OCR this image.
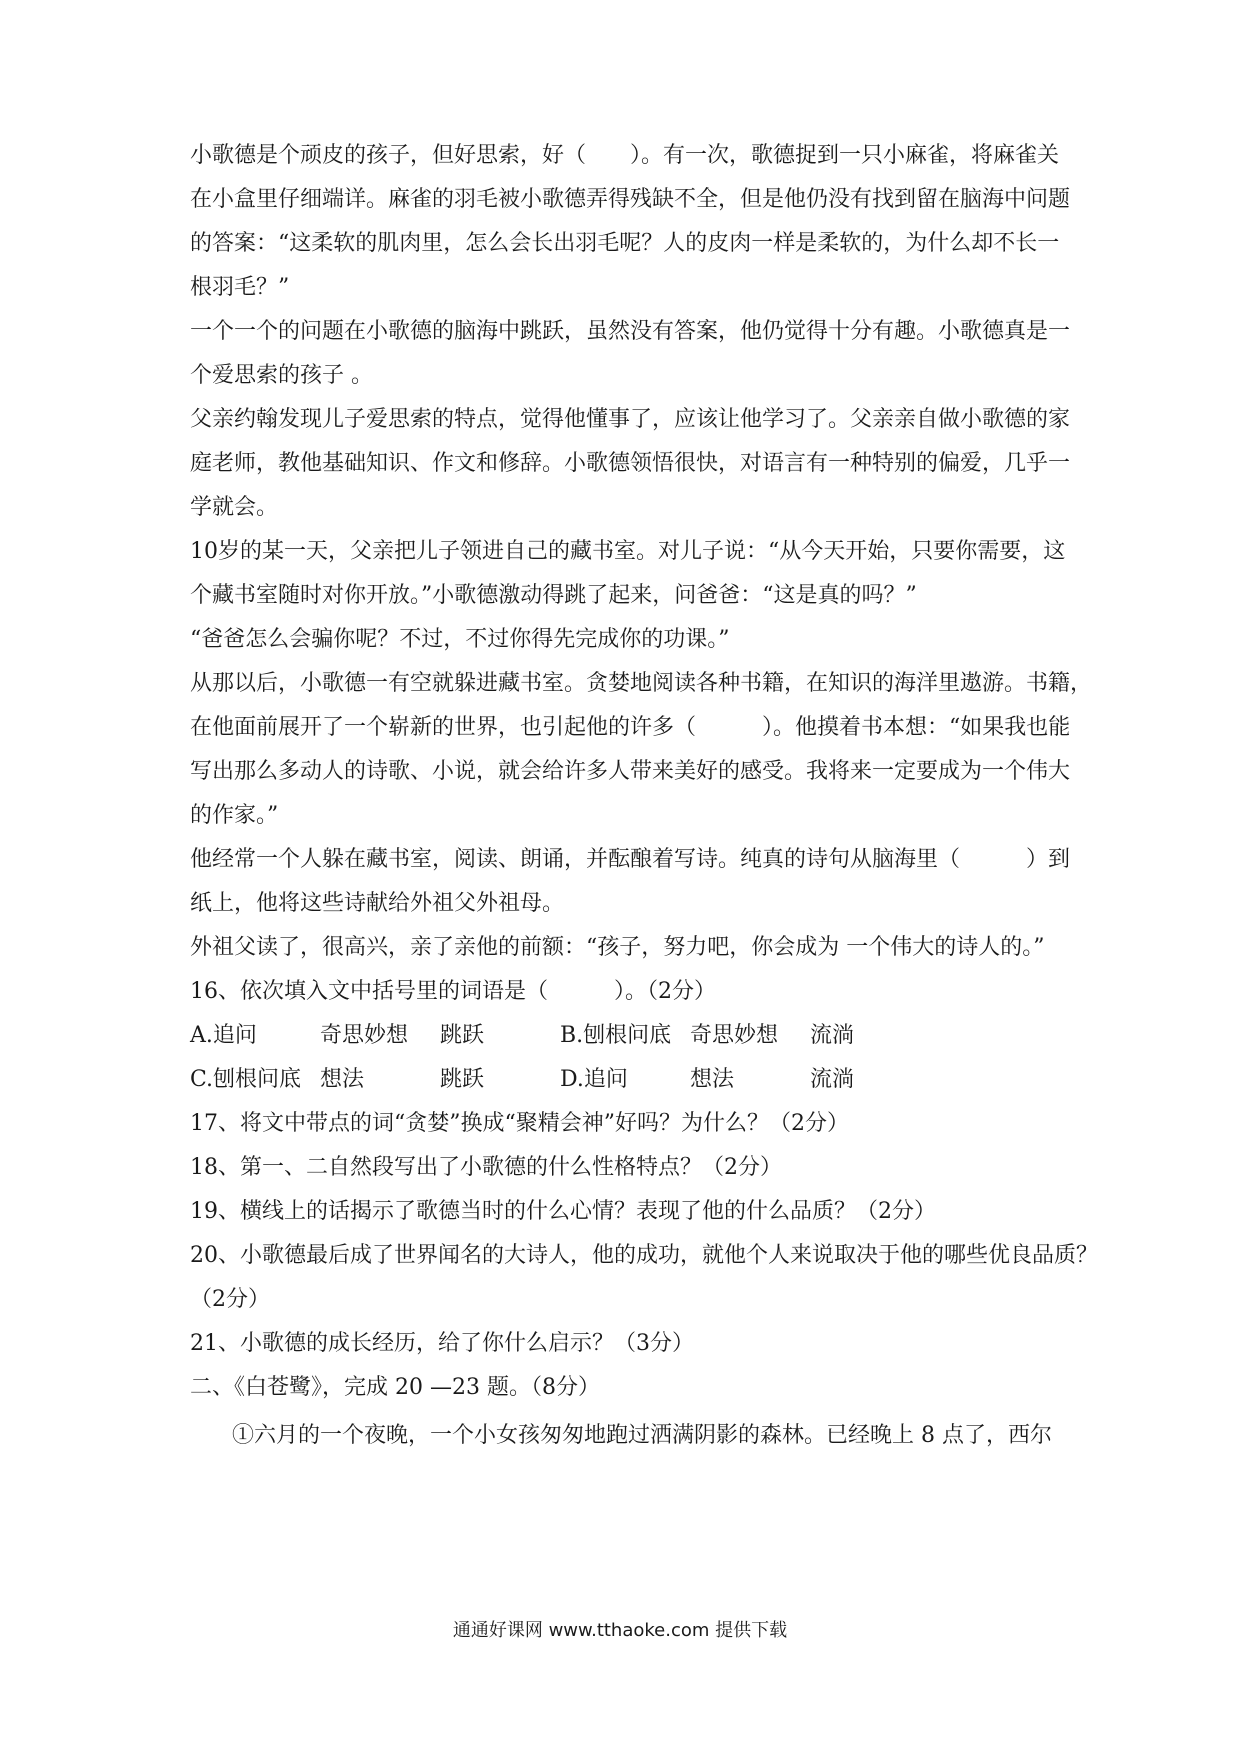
小歌德是个顽皮的孩子，但好思索，好（　　）。有一次，歌德捉到一只小麻雀，将麻雀关
在小盒里仔细端详。麻雀的羽毛被小歌德弄得残缺不全，但是他仍没有找到留在脑海中问题
的答案：“这柔软的肌肉里，怎么会长出羽毛呢？人的皮肉一样是柔软的，为什么却不长一
根羽毛？”
一个一个的问题在小歌德的脑海中跳跃，虽然没有答案，他仍觉得十分有趣。小歌德真是一
个爱思索的孩子 。
父亲约翰发现儿子爱思索的特点，觉得他懂事了，应该让他学习了。父亲亲自做小歌德的家
庭老师，教他基础知识、作文和修辞。小歌德领悟很快，对语言有一种特别的偏爱，几乎一
学就会。
10岁的某一天，父亲把儿子领进自己的藏书室。对儿子说：“从今天开始，只要你需要，这
个藏书室随时对你开放。”小歌德激动得跳了起来，问爸爸：“这是真的吗？”
“爸爸怎么会骗你呢？不过，不过你得先完成你的功课。”
从那以后，小歌德一有空就躲进藏书室。贪婪地阅读各种书籍，在知识的海洋里遨游。书籍，
在他面前展开了一个崭新的世界，也引起他的许多（　　　）。他摸着书本想：“如果我也能
写出那么多动人的诗歌、小说，就会给许多人带来美好的感受。我将来一定要成为一个伟大
的作家。”
他经常一个人躲在藏书室，阅读、朗诵，并酝酿着写诗。纯真的诗句从脑海里（　　　）到
纸上，他将这些诗献给外祖父外祖母。
外祖父读了，很高兴，亲了亲他的前额：“孩子，努力吧，你会成为 一个伟大的诗人的。”
16、依次填入文中括号里的词语是（　　　）。（2分）
A.追问	奇思妙想 跳跃	B.刨根问底 奇思妙想 流淌
C.刨根问底 想法	跳跃	D.追问	想法	流淌
17、将文中带点的词“贪婪”换成“聚精会神”好吗？为什么？（2分）
18、第一、二自然段写出了小歌德的什么性格特点？（2分）
19、横线上的话揭示了歌德当时的什么心情？表现了他的什么品质？（2分）
20、小歌德最后成了世界闻名的大诗人，他的成功，就他个人来说取决于他的哪些优良品质？
（2分）
21、小歌德的成长经历，给了你什么启示？（3分）
二、《白苍鹭》，完成 20 —23 题。（8分）
①六月的一个夜晚，一个小女孩匆匆地跑过洒满阴影的森林。已经晚上 8 点了，西尔
通通好课网 www.tthaoke.com 提供下载
